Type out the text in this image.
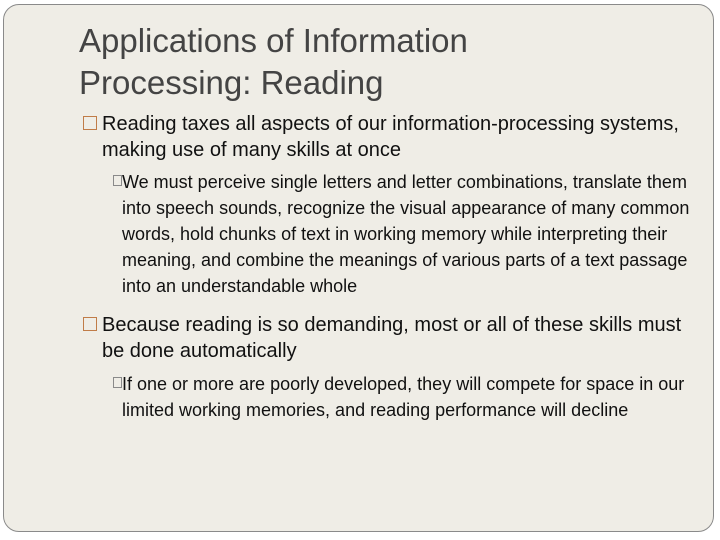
Applications of Information
Processing: Reading
Reading taxes all aspects of our information-processing systems, making use of many skills at once
We must perceive single letters and letter combinations, translate them into speech sounds, recognize the visual appearance of many common words, hold chunks of text in working memory while interpreting their meaning, and combine the meanings of various parts of a text passage into an understandable whole
Because reading is so demanding, most or all of these skills must be done automatically
If one or more are poorly developed, they will compete for space in our limited working memories, and reading performance will decline
